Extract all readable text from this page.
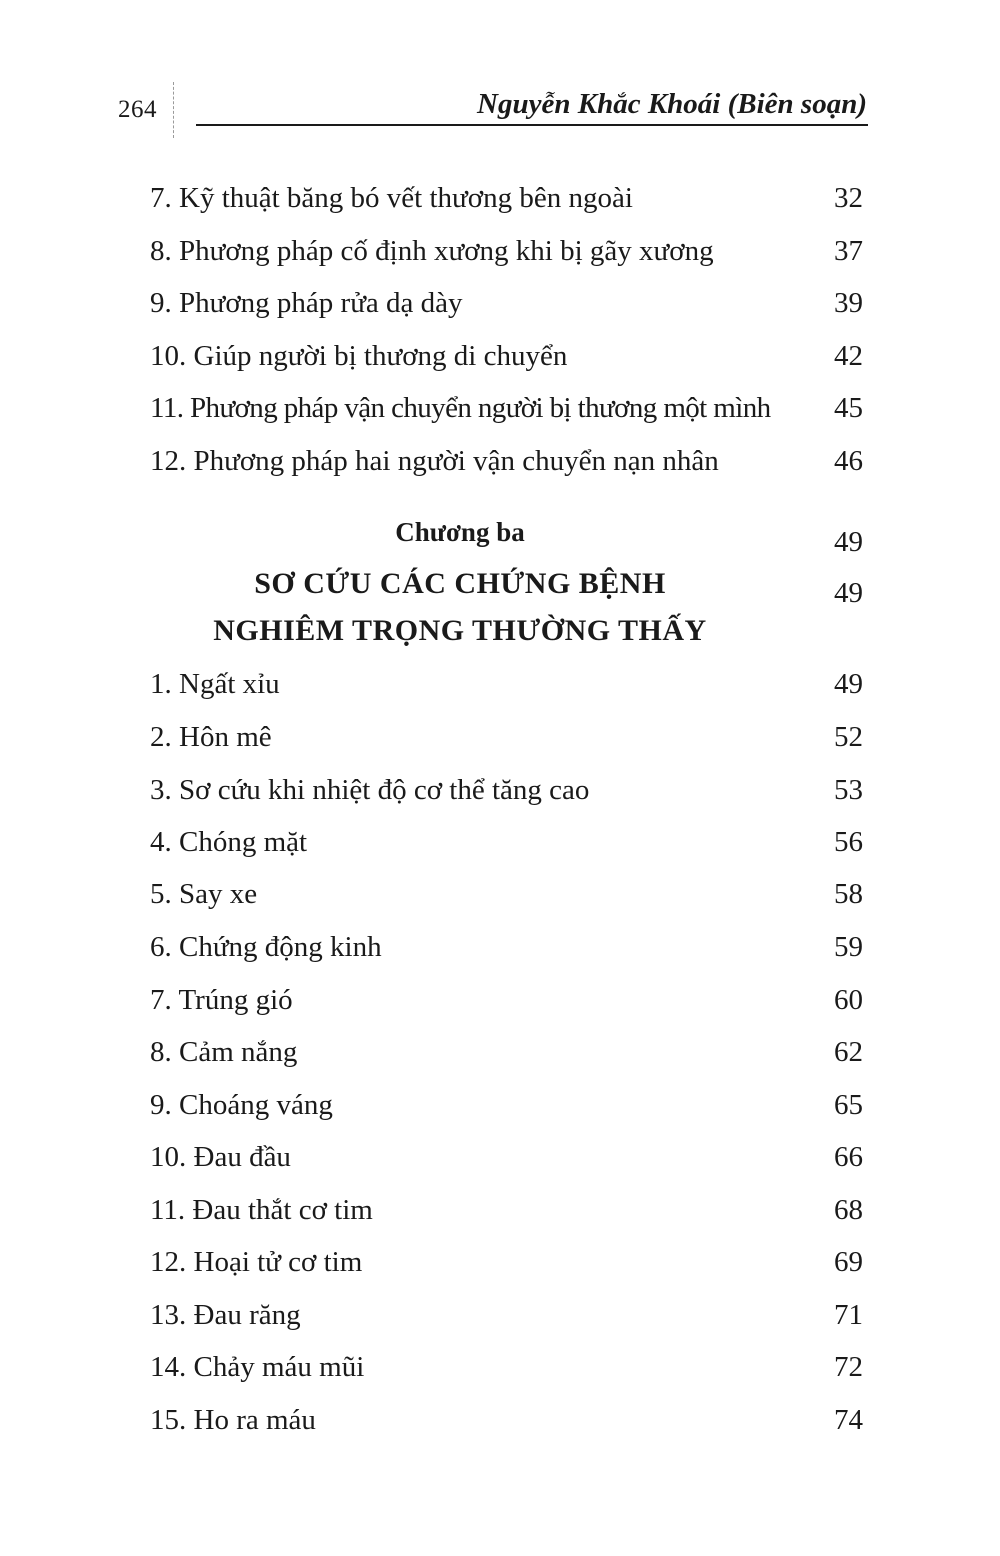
264	Nguyễn Khắc Khoái (Biên soạn)
7. Kỹ thuật băng bó vết thương bên ngoài	32
8. Phương pháp cố định xương khi bị gãy xương	37
9. Phương pháp rửa dạ dày	39
10. Giúp người bị thương di chuyển	42
11. Phương pháp vận chuyển người bị thương một mình 45
12. Phương pháp hai người vận chuyển nạn nhân	46
Chương ba	49
SƠ CỨU CÁC CHỨNG BỆNH	49
NGHIÊM TRỌNG THƯỜNG THẤY
1. Ngất xỉu	49
2. Hôn mê	52
3. Sơ cứu khi nhiệt độ cơ thể tăng cao	53
4. Chóng mặt	56
5. Say xe	58
6. Chứng động kinh	59
7. Trúng gió	60
8. Cảm nắng	62
9. Choáng váng	65
10. Đau đầu	66
11. Đau thắt cơ tim	68
12. Hoại tử cơ tim	69
13. Đau răng	71
14. Chảy máu mũi	72
15. Ho ra máu	74
